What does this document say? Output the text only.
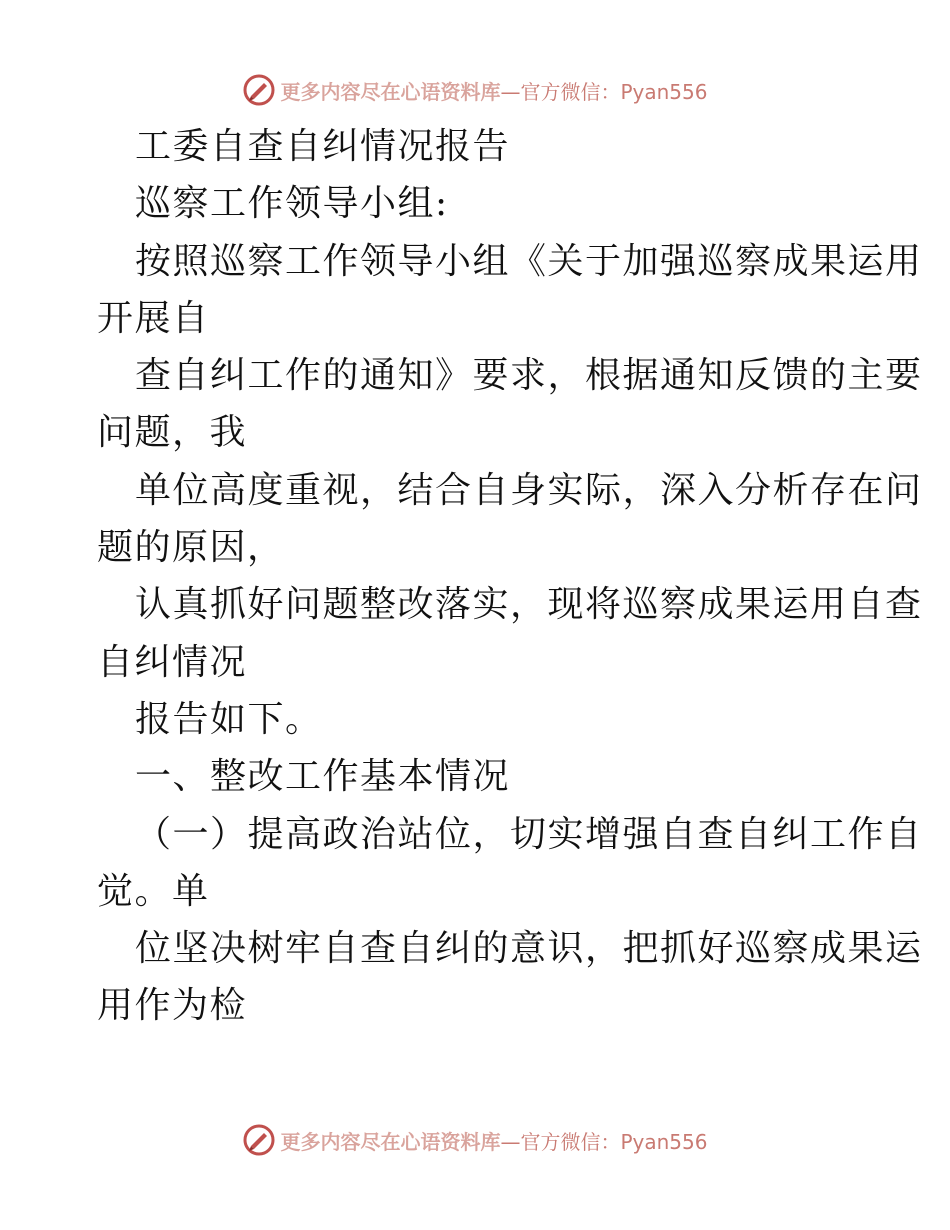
更多内容尽在心语资料库 —官方微信：Pyan556
工委自查自纠情况报告
巡察工作领导小组:
按照巡察工作领导小组《关于加强巡察成果运用
开展自
查自纠工作的通知》要求，根据通知反馈的主要
问题，我
单位高度重视，结合自身实际，深入分析存在问
题的原因，
认真抓好问题整改落实，现将巡察成果运用自查
自纠情况
报告如下。
一、整改工作基本情况
（一）提高政治站位，切实增强自查自纠工作自
觉。单
位坚决树牢自查自纠的意识，把抓好巡察成果运
用作为检
更多内容尽在心语资料库 —官方微信：Pyan556
